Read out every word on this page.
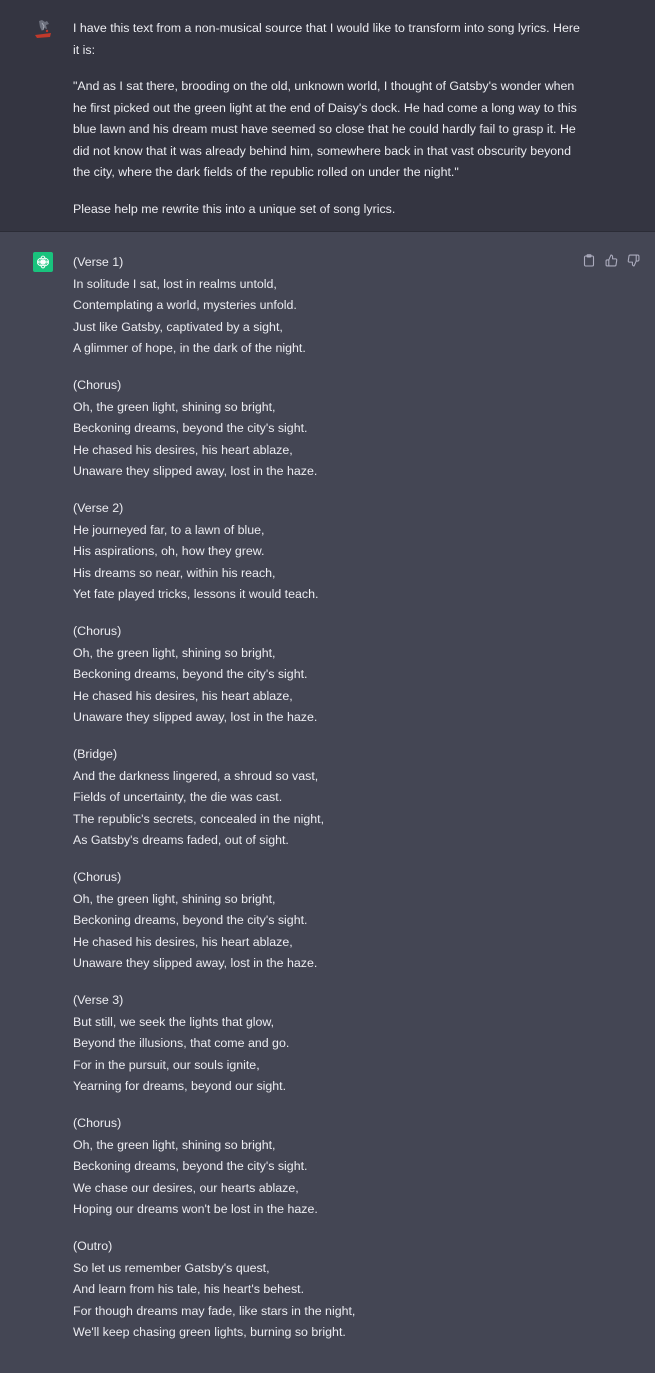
I have this text from a non-musical source that I would like to transform into song lyrics. Here it is:

"And as I sat there, brooding on the old, unknown world, I thought of Gatsby's wonder when he first picked out the green light at the end of Daisy's dock. He had come a long way to this blue lawn and his dream must have seemed so close that he could hardly fail to grasp it. He did not know that it was already behind him, somewhere back in that vast obscurity beyond the city, where the dark fields of the republic rolled on under the night."

Please help me rewrite this into a unique set of song lyrics.

(Verse 1)
In solitude I sat, lost in realms untold,
Contemplating a world, mysteries unfold.
Just like Gatsby, captivated by a sight,
A glimmer of hope, in the dark of the night.
(Chorus)
Oh, the green light, shining so bright,
Beckoning dreams, beyond the city's sight.
He chased his desires, his heart ablaze,
Unaware they slipped away, lost in the haze.
(Verse 2)
He journeyed far, to a lawn of blue,
His aspirations, oh, how they grew.
His dreams so near, within his reach,
Yet fate played tricks, lessons it would teach.
(Chorus)
Oh, the green light, shining so bright,
Beckoning dreams, beyond the city's sight.
He chased his desires, his heart ablaze,
Unaware they slipped away, lost in the haze.
(Bridge)
And the darkness lingered, a shroud so vast,
Fields of uncertainty, the die was cast.
The republic's secrets, concealed in the night,
As Gatsby's dreams faded, out of sight.
(Chorus)
Oh, the green light, shining so bright,
Beckoning dreams, beyond the city's sight.
He chased his desires, his heart ablaze,
Unaware they slipped away, lost in the haze.
(Verse 3)
But still, we seek the lights that glow,
Beyond the illusions, that come and go.
For in the pursuit, our souls ignite,
Yearning for dreams, beyond our sight.
(Chorus)
Oh, the green light, shining so bright,
Beckoning dreams, beyond the city's sight.
We chase our desires, our hearts ablaze,
Hoping our dreams won't be lost in the haze.
(Outro)
So let us remember Gatsby's quest,
And learn from his tale, his heart's behest.
For though dreams may fade, like stars in the night,
We'll keep chasing green lights, burning so bright.
